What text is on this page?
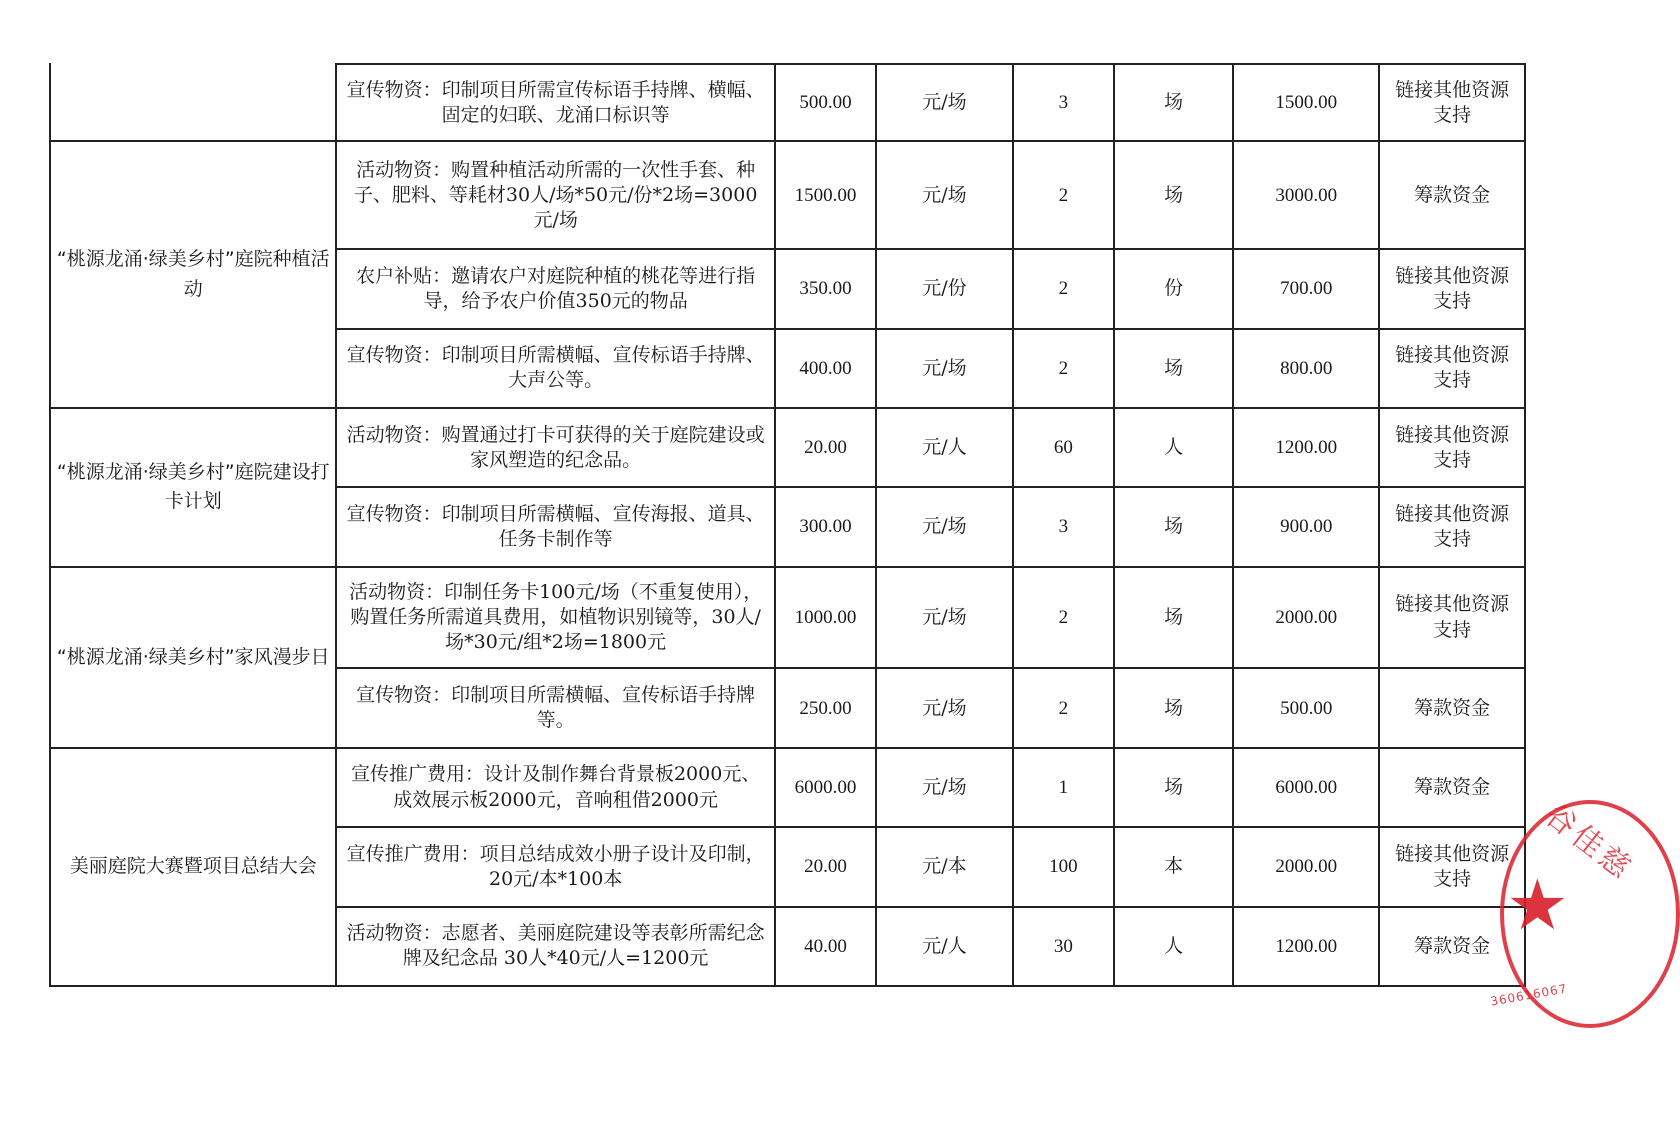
	宣传物资：印制项目所需宣传标语手持牌、横幅、固定的妇联、龙涌口标识等	500.00	元/场	3	场	1500.00	链接其他资源支持
“桃源龙涌·绿美乡村”庭院种植活动	活动物资：购置种植活动所需的一次性手套、种子、肥料、等耗材30人/场*50元/份*2场=3000元/场	1500.00	元/场	2	场	3000.00	筹款资金
	农户补贴：邀请农户对庭院种植的桃花等进行指导，给予农户价值350元的物品	350.00	元/份	2	份	700.00	链接其他资源支持
	宣传物资：印制项目所需横幅、宣传标语手持牌、大声公等。	400.00	元/场	2	场	800.00	链接其他资源支持
“桃源龙涌·绿美乡村”庭院建设打卡计划	活动物资：购置通过打卡可获得的关于庭院建设或家风塑造的纪念品。	20.00	元/人	60	人	1200.00	链接其他资源支持
	宣传物资：印制项目所需横幅、宣传海报、道具、任务卡制作等	300.00	元/场	3	场	900.00	链接其他资源支持
“桃源龙涌·绿美乡村”家风漫步日	活动物资：印制任务卡100元/场（不重复使用），购置任务所需道具费用，如植物识别镜等，30人/场*30元/组*2场=1800元	1000.00	元/场	2	场	2000.00	链接其他资源支持
	宣传物资：印制项目所需横幅、宣传标语手持牌等。	250.00	元/场	2	场	500.00	筹款资金
美丽庭院大赛暨项目总结大会	宣传推广费用：设计及制作舞台背景板2000元、成效展示板2000元，音响租借2000元	6000.00	元/场	1	场	6000.00	筹款资金
	宣传推广费用：项目总结成效小册子设计及印制，20元/本*100本	20.00	元/本	100	本	2000.00	链接其他资源支持
	活动物资：志愿者、美丽庭院建设等表彰所需纪念牌及纪念品 30人*40元/人=1200元	40.00	元/人	30	人	1200.00	筹款资金 ★
谷佳慈
360616067
